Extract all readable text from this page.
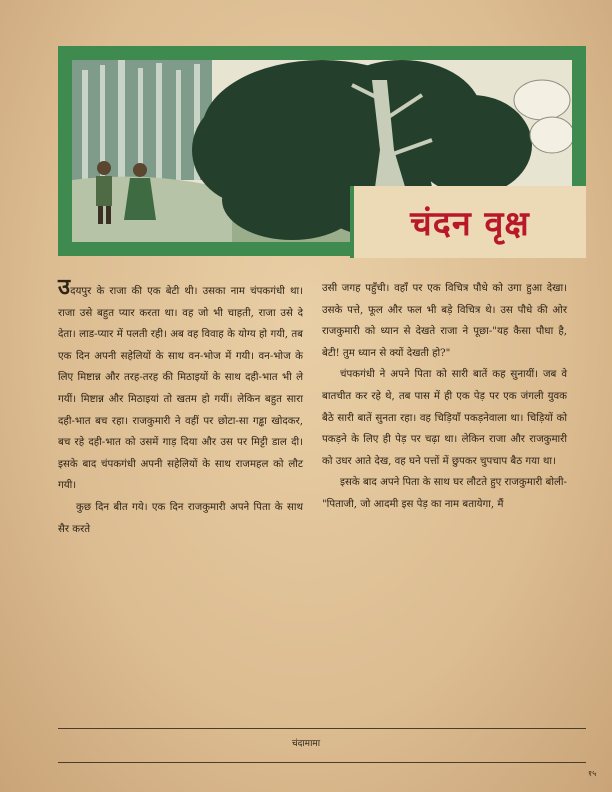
चंदन वृक्ष

उदयपुर के राजा की एक बेटी थी। उसका नाम चंपकगंधी था। राजा उसे बहुत प्यार करता था। वह जो भी चाहती, राजा उसे दे देता। लाड-प्यार में पलती रही। अब वह विवाह के योग्य हो गयी, तब एक दिन अपनी सहेलियों के साथ वन-भोज में गयी। वन-भोज के लिए मिष्टान्न और तरह-तरह की मिठाइयों के साथ दही-भात भी ले गयीं। मिष्टान्न और मिठाइयां तो खतम हो गयीं। लेकिन बहुत सारा दही-भात बच रहा। राजकुमारी ने वहीं पर छोटा-सा गड्ढा खोदकर, बच रहे दही-भात को उसमें गाड़ दिया और उस पर मिट्टी डाल दी। इसके बाद चंपकगंधी अपनी सहेलियों के साथ राजमहल को लौट गयी।

कुछ दिन बीत गये। एक दिन राजकुमारी अपने पिता के साथ सैर करते

उसी जगह पहुँची। वहाँ पर एक विचित्र पौधे को उगा हुआ देखा। उसके पत्ते, फूल और फल भी बड़े विचित्र थे। उस पौधे की ओर राजकुमारी को ध्यान से देखते राजा ने पूछा-"यह कैसा पौधा है, बेटी! तुम ध्यान से क्यों देखती हो?"

चंपकगंधी ने अपने पिता को सारी बातें कह सुनायीं। जब वे बातचीत कर रहे थे, तब पास में ही एक पेड़ पर एक जंगली युवक बैठे सारी बातें सुनता रहा। वह चिड़ियाँ पकड़नेवाला था। चिड़ियों को पकड़ने के लिए ही पेड़ पर चढ़ा था। लेकिन राजा और राजकुमारी को उधर आते देख, वह घने पत्तों में छुपकर चुपचाप बैठ गया था।

इसके बाद अपने पिता के साथ घर लौटते हुए राजकुमारी बोली-"पिताजी, जो आदमी इस पेड़ का नाम बतायेगा, मैं

चंदामामा
१५
